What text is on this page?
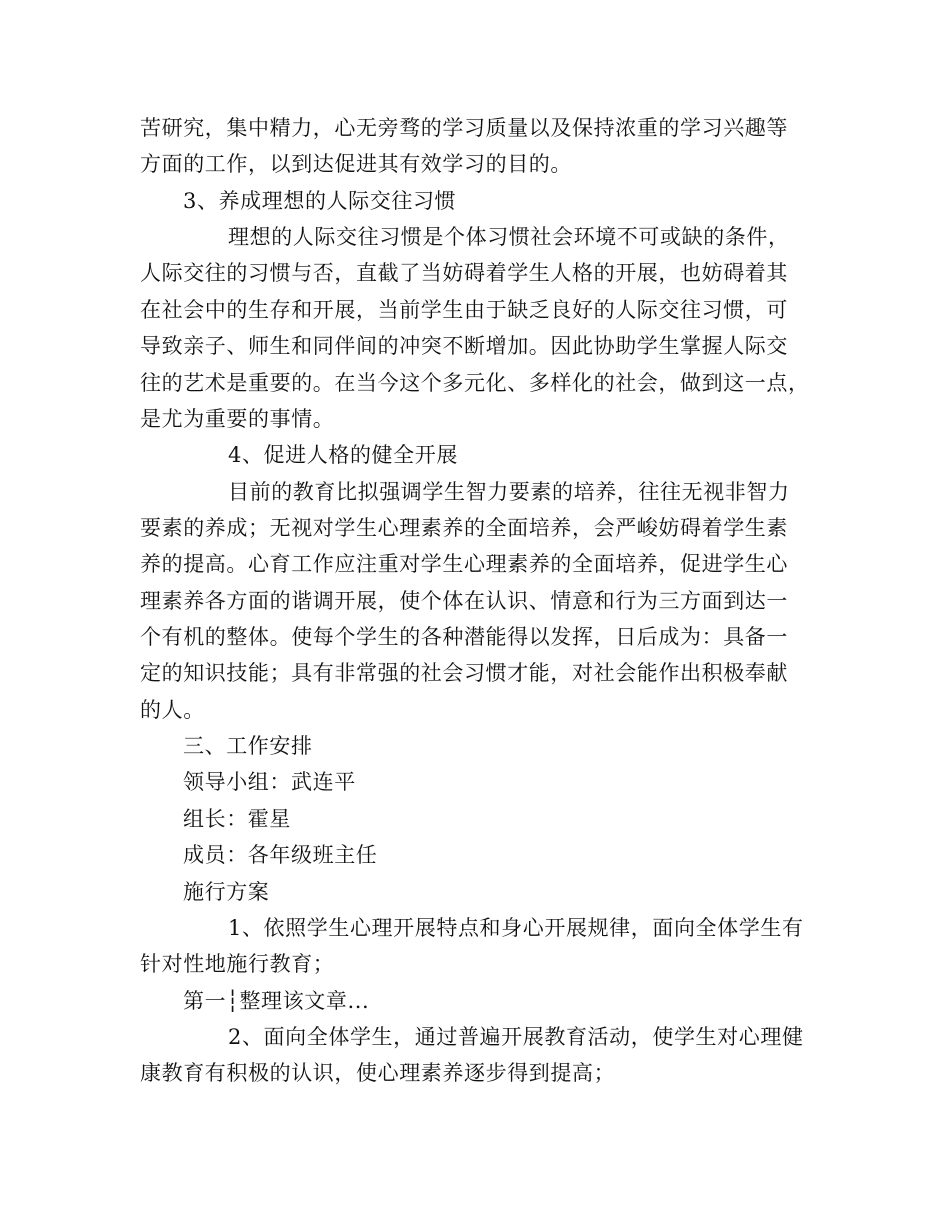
苦研究，集中精力，心无旁骛的学习质量以及保持浓重的学习兴趣等
方面的工作，以到达促进其有效学习的目的。
3、养成理想的人际交往习惯
理想的人际交往习惯是个体习惯社会环境不可或缺的条件，
人际交往的习惯与否，直截了当妨碍着学生人格的开展，也妨碍着其
在社会中的生存和开展，当前学生由于缺乏良好的人际交往习惯，可
导致亲子、师生和同伴间的冲突不断增加。因此协助学生掌握人际交
往的艺术是重要的。在当今这个多元化、多样化的社会，做到这一点，
是尤为重要的事情。
4、促进人格的健全开展
目前的教育比拟强调学生智力要素的培养，往往无视非智力
要素的养成；无视对学生心理素养的全面培养，会严峻妨碍着学生素
养的提高。心育工作应注重对学生心理素养的全面培养，促进学生心
理素养各方面的谐调开展，使个体在认识、情意和行为三方面到达一
个有机的整体。使每个学生的各种潜能得以发挥，日后成为：具备一
定的知识技能；具有非常强的社会习惯才能，对社会能作出积极奉献
的人。
三、工作安排
领导小组：武连平
组长：霍星
成员：各年级班主任
施行方案
1、依照学生心理开展特点和身心开展规律，面向全体学生有
针对性地施行教育；
第一┆整理该文章...
2、面向全体学生，通过普遍开展教育活动，使学生对心理健
康教育有积极的认识，使心理素养逐步得到提高；
